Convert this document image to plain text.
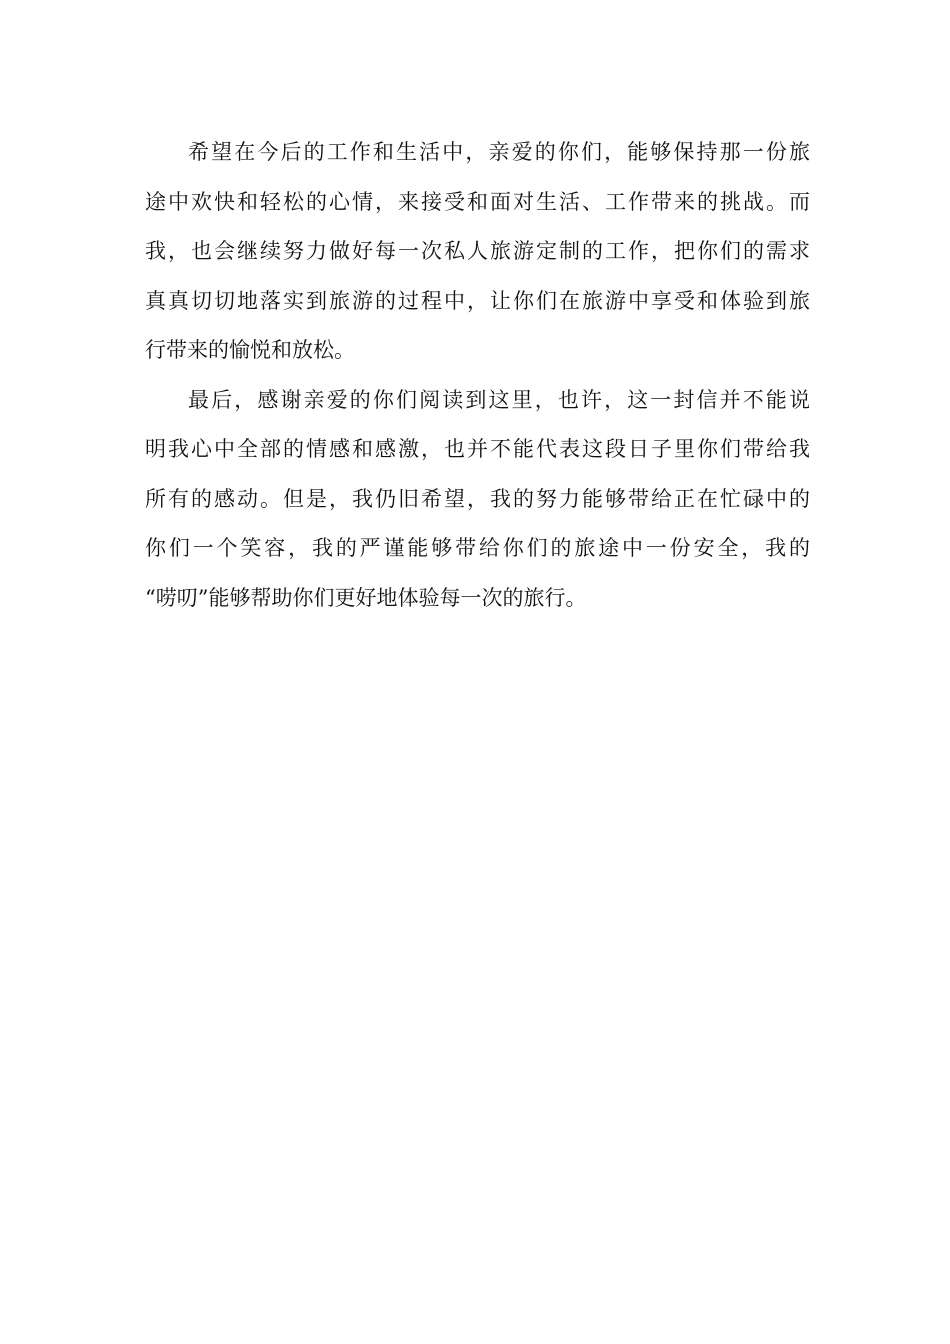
希望在今后的工作和生活中，亲爱的你们，能够保持那一份旅
途中欢快和轻松的心情，来接受和面对生活、工作带来的挑战。而
我，也会继续努力做好每一次私人旅游定制的工作，把你们的需求
真真切切地落实到旅游的过程中，让你们在旅游中享受和体验到旅
行带来的愉悦和放松。
最后，感谢亲爱的你们阅读到这里，也许，这一封信并不能说
明我心中全部的情感和感激，也并不能代表这段日子里你们带给我
所有的感动。但是，我仍旧希望，我的努力能够带给正在忙碌中的
你们一个笑容，我的严谨能够带给你们的旅途中一份安全，我的
“唠叨”能够帮助你们更好地体验每一次的旅行。
